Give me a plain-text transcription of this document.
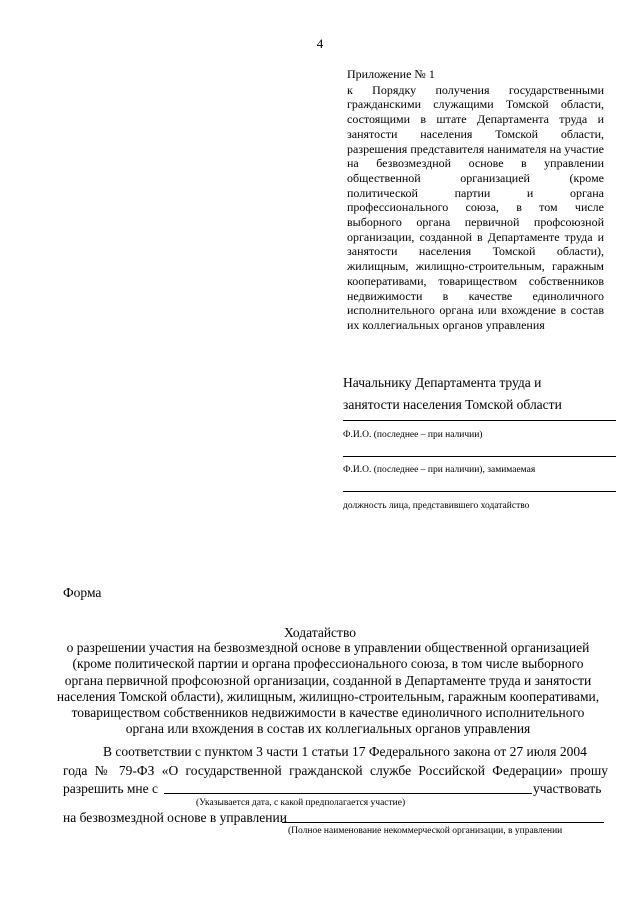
4
Приложение № 1
к Порядку получения государственными гражданскими служащими Томской области, состоящими в штате Департамента труда и занятости населения Томской области, разрешения представителя нанимателя на участие на безвозмездной основе в управлении общественной организацией (кроме политической партии и органа профессионального союза, в том числе выборного органа первичной профсоюзной организации, созданной в Департаменте труда и занятости населения Томской области), жилищным, жилищно-строительным, гаражным кооперативами, товариществом собственников недвижимости в качестве единоличного исполнительного органа или вхождение в состав их коллегиальных органов управления
Начальнику Департамента труда и
занятости населения Томской области
Ф.И.О. (последнее – при наличии)
Ф.И.О. (последнее – при наличии), замимаемая
должность лица, представившего ходатайство
Форма
Ходатайство
о разрешении участия на безвозмездной основе в управлении общественной организацией (кроме политической партии и органа профессионального союза, в том числе выборного органа первичной профсоюзной организации, созданной в Департаменте труда и занятости населения Томской области), жилищным, жилищно-строительным, гаражным кооперативами, товариществом собственников недвижимости в качестве единоличного исполнительного органа или вхождения в состав их коллегиальных органов управления
В соответствии с пунктом 3 части 1 статьи 17 Федерального закона от 27 июля 2004
года № 79-ФЗ «О государственной гражданской службе Российской Федерации» прошу
разрешить мне с	участвовать
(Указывается дата, с какой предполагается участие)
на безвозмездной основе в управлении
(Полное наименование некоммерческой организации, в управлении
